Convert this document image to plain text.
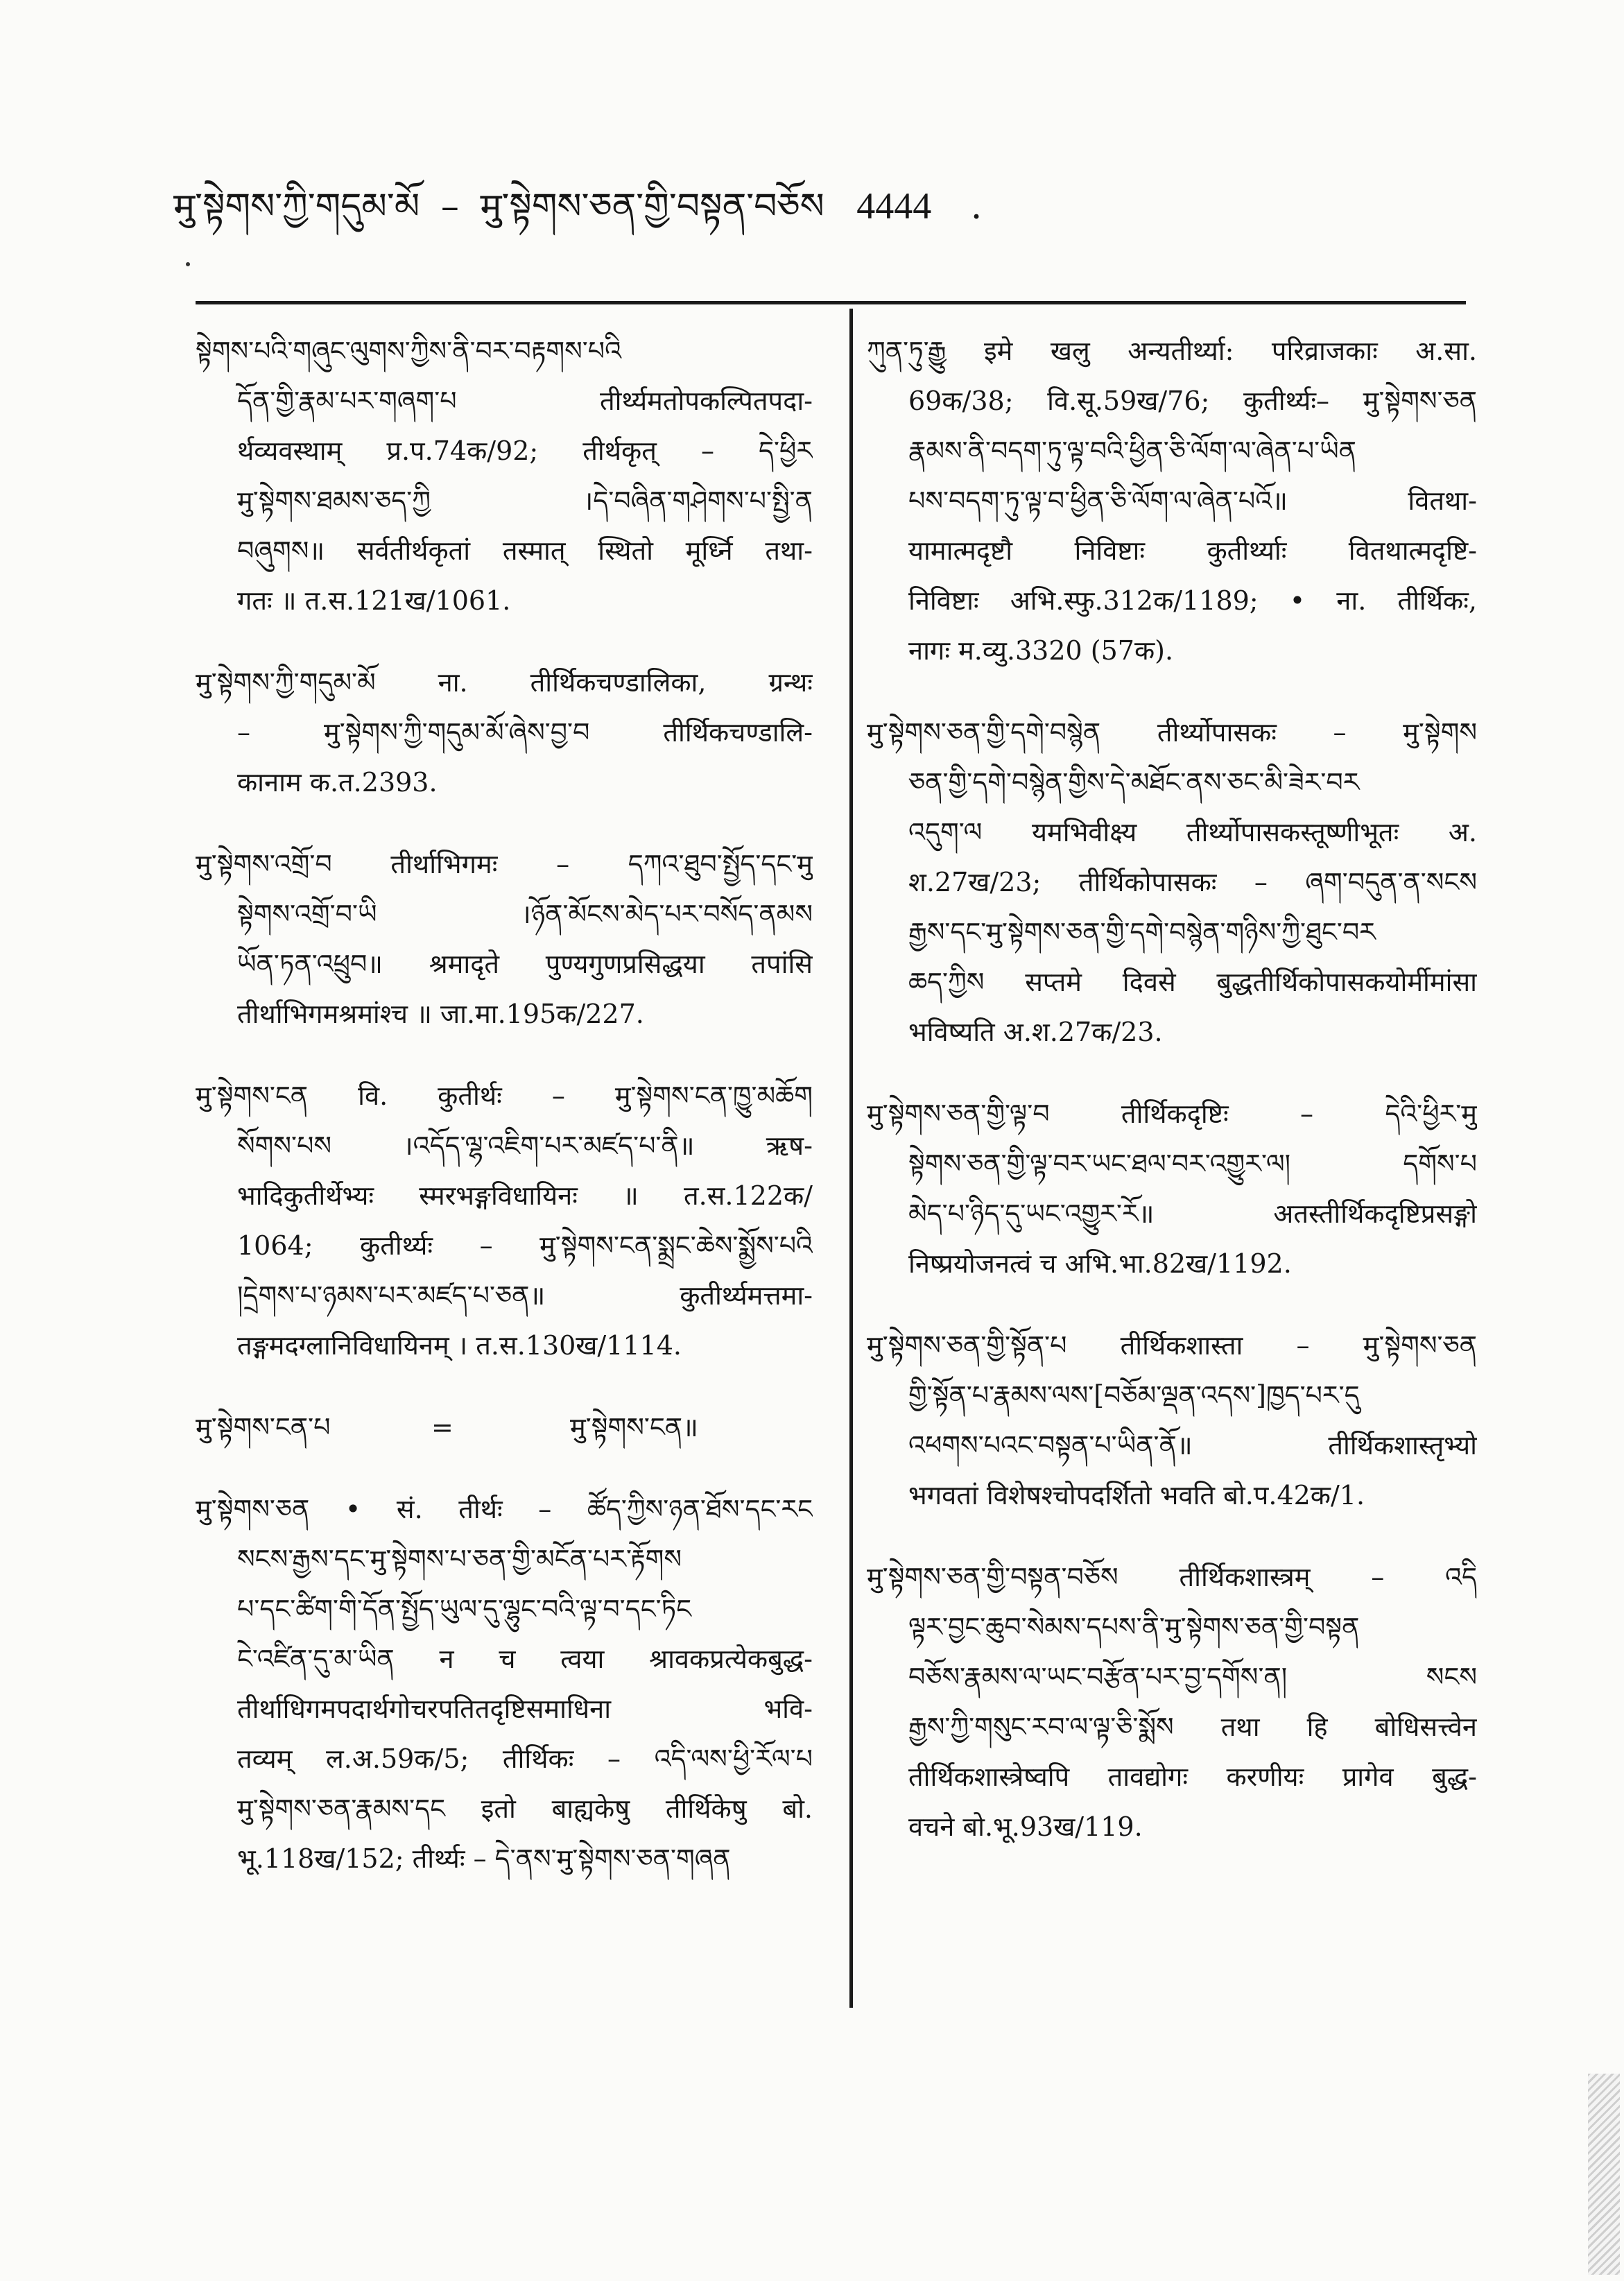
मु་སྟེགས་ཀྱི་གདུམ་མོ – मु་སྟེགས་ཅན་གྱི་བསྟན་བཅོས 4444 .
སྟེགས་པའི་གཞུང་ལུགས་ཀྱིས་ནི་བར་བརྟགས་པའི
དོན་གྱི་རྣམ་པར་གཞག་པ तीर्थ्यमतोपकल्पितपदा-
र्थव्यवस्थाम् प्र.प.74क/92; तीर्थकृत् – དེ་ཕྱིར
मु་སྟེགས་ཐམས་ཅད་ཀྱི ।དེ་བཞིན་གཤེགས་པ་སྤྱི་ན
བཞུགས॥ सर्वतीर्थकृतां तस्मात् स्थितो मूर्ध्नि तथा-
गतः ॥ त.स.121ख/1061.
मु་སྟེགས་ཀྱི་གདུམ་མོ ना. तीर्थिकचण्डालिका, ग्रन्थः
– मु་སྟེགས་ཀྱི་གདུམ་མོ་ཞེས་བྱ་བ तीर्थिकचण्डालि-
कानाम क.त.2393.
मु་སྟེགས་འགྲོ་བ तीर्थाभिगमः – དཀའ་ཐུབ་སྤྱོད་དང་मु
སྟེགས་འགྲོ་བ་ཡི ।ཉོན་མོངས་མེད་པར་བསོད་ནམས
ཡོན་ཏན་འཕྲུབ॥ श्रमादृते पुण्यगुणप्रसिद्धया तपांसि
तीर्थाभिगमश्रमांश्च ॥ जा.मा.195क/227.
मु་སྟེགས་ངན वि. कुतीर्थः – मु་སྟེགས་ངན་ཁྱུ་མཆོག
སོགས་པས ।འདོད་ལྷ་འཇིག་པར་མཛད་པ་ནི॥ ऋष-
भादिकुतीर्थेभ्यः स्मरभङ्गविधायिनः ॥ त.स.122क/
1064; कुतीर्थ्यः – मु་སྟེགས་ངན་སྨྲང་ཆེས་སྨྱོས་པའི
།དྲེགས་པ་ཉམས་པར་མཛད་པ་ཅན॥ कुतीर्थ्यमत्तमा-
तङ्गमदग्लानिविधायिनम् । त.स.130ख/1114.
मु་སྟེགས་ངན་པ	=	मु་སྟེགས་ངན॥
मु་སྟེགས་ཅན • सं. तीर्थः – ཚོད་ཀྱིས་ཉན་ཐོས་དང་རང
སངས་རྒྱས་དང་मु་སྟེགས་པ་ཅན་གྱི་མངོན་པར་རྟོགས
པ་དང་ཚིག་གི་དོན་སྤྱོད་ཡུལ་དུ་ལྷུང་བའི་ལྟ་བ་དང་ཏིང
ངེ་འཛིན་དུ་མ་ཡིན न च त्वया श्रावकप्रत्येकबुद्ध-
तीर्थाधिगमपदार्थगोचरपतितदृष्टिसमाधिना भवि-
तव्यम् ल.अ.59क/5; तीर्थिकः – འདི་ལས་ཕྱི་རོལ་པ
मु་སྟེགས་ཅན་རྣམས་དང इतो बाह्यकेषु तीर्थिकेषु बो.
भू.118ख/152; तीर्थ्यः – དེ་ནས་मु་སྟེགས་ཅན་གཞན
ཀུན་ཏུ་རྒྱུ इमे खलु अन्यतीर्थ्या: परिव्राजकाः अ.सा.
69क/38; वि.सू.59ख/76; कुतीर्थ्यः– मु་སྟེགས་ཅན
རྣམས་ནི་བདག་ཏུ་ལྟ་བའི་ཕྱིན་ཅི་ལོག་ལ་ཞེན་པ་ཡིན
པས་བདག་ཏུ་ལྟ་བ་ཕྱིན་ཅི་ལོག་ལ་ཞེན་པའོ॥ वितथा-
यामात्मदृष्टौ निविष्टाः कुतीर्थ्याः वितथात्मदृष्टि-
निविष्टाः अभि.स्फु.312क/1189; • ना. तीर्थिकः,
नागः म.व्यु.3320 (57क).
मु་སྟེགས་ཅན་གྱི་དགེ་བསྙེན तीर्थ्योपासकः – मु་སྟེགས
ཅན་གྱི་དགེ་བསྙེན་གྱིས་དེ་མཐོང་ནས་ཅང་མི་ཟེར་བར
འདུག་ལ यमभिवीक्ष्य तीर्थ्योपासकस्तूष्णीभूतः अ.
श.27ख/23; तीर्थिकोपासकः – ཞག་བདུན་ན་སངས
རྒྱས་དང་मु་སྟེགས་ཅན་གྱི་དགེ་བསྙེན་གཉིས་ཀྱི་ཐུང་བར
ཆད་ཀྱིས सप्तमे दिवसे बुद्धतीर्थिकोपासकयोर्मीमांसा
भविष्यति अ.श.27क/23.
मु་སྟེགས་ཅན་གྱི་ལྟ་བ तीर्थिकदृष्टिः – དེའི་ཕྱིར་मु
སྟེགས་ཅན་གྱི་ལྟ་བར་ཡང་ཐལ་བར་འགྱུར་ལ། དགོས་པ
མེད་པ་ཉིད་དུ་ཡང་འགྱུར་རོ॥ अतस्तीर्थिकदृष्टिप्रसङ्गो
निष्प्रयोजनत्वं च अभि.भा.82ख/1192.
मु་སྟེགས་ཅན་གྱི་སྟོན་པ तीर्थिकशास्ता – मु་སྟེགས་ཅན
གྱི་སྟོན་པ་རྣམས་ལས་[བཅོམ་ལྡན་འདས་]ཁྱད་པར་དུ
འཕགས་པའང་བསྟན་པ་ཡིན་ནོ॥ तीर्थिकशास्तृभ्यो
भगवतां विशेषश्चोपदर्शितो भवति बो.प.42क/1.
मु་སྟེགས་ཅན་གྱི་བསྟན་བཅོས तीर्थिकशास्त्रम् – འདི
ལྟར་བྱང་ཆུབ་སེམས་དཔས་ནི་मु་སྟེགས་ཅན་གྱི་བསྟན
བཅོས་རྣམས་ལ་ཡང་བརྩོན་པར་བྱ་དགོས་ན། སངས
རྒྱས་ཀྱི་གསུང་རབ་ལ་ལྟ་ཅི་སྨོས तथा हि बोधिसत्त्वेन
तीर्थिकशास्त्रेष्वपि तावद्योगः करणीयः प्रागेव बुद्ध-
वचने बो.भू.93ख/119.
